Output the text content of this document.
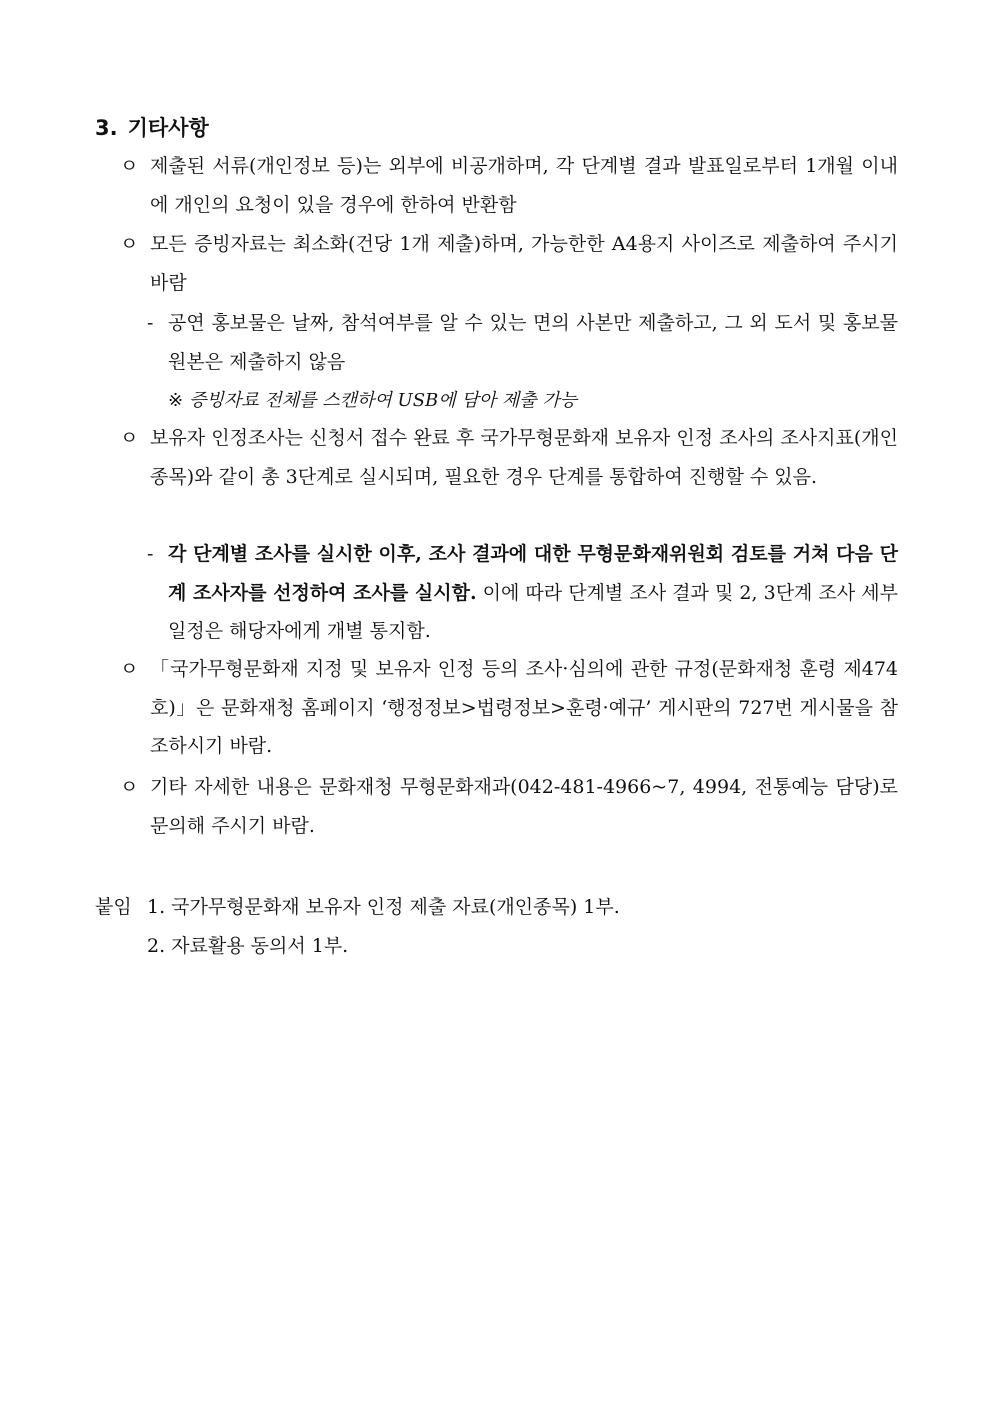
3. 기타사항
ㅇ 제출된 서류(개인정보 등)는 외부에 비공개하며, 각 단계별 결과 발표일로부터 1개월 이내에 개인의 요청이 있을 경우에 한하여 반환함
ㅇ 모든 증빙자료는 최소화(건당 1개 제출)하며, 가능한한 A4용지 사이즈로 제출하여 주시기 바람
- 공연 홍보물은 날짜, 참석여부를 알 수 있는 면의 사본만 제출하고, 그 외 도서 및 홍보물 원본은 제출하지 않음
※ 증빙자료 전체를 스캔하여 USB에 담아 제출 가능
ㅇ 보유자 인정조사는 신청서 접수 완료 후 국가무형문화재 보유자 인정 조사의 조사지표(개인종목)와 같이 총 3단계로 실시되며, 필요한 경우 단계를 통합하여 진행할 수 있음.
- 각 단계별 조사를 실시한 이후, 조사 결과에 대한 무형문화재위원회 검토를 거쳐 다음 단계 조사자를 선정하여 조사를 실시함. 이에 따라 단계별 조사 결과 및 2, 3단계 조사 세부 일정은 해당자에게 개별 통지함.
ㅇ 「국가무형문화재 지정 및 보유자 인정 등의 조사·심의에 관한 규정(문화재청 훈령 제474호)」은 문화재청 홈페이지 ‘행정정보>법령정보>훈령·예규’ 게시판의 727번 게시물을 참조하시기 바람.
ㅇ 기타 자세한 내용은 문화재청 무형문화재과(042-481-4966~7, 4994, 전통예능 담당)로 문의해 주시기 바람.
붙임 1. 국가무형문화재 보유자 인정 제출 자료(개인종목) 1부.
2. 자료활용 동의서 1부.
